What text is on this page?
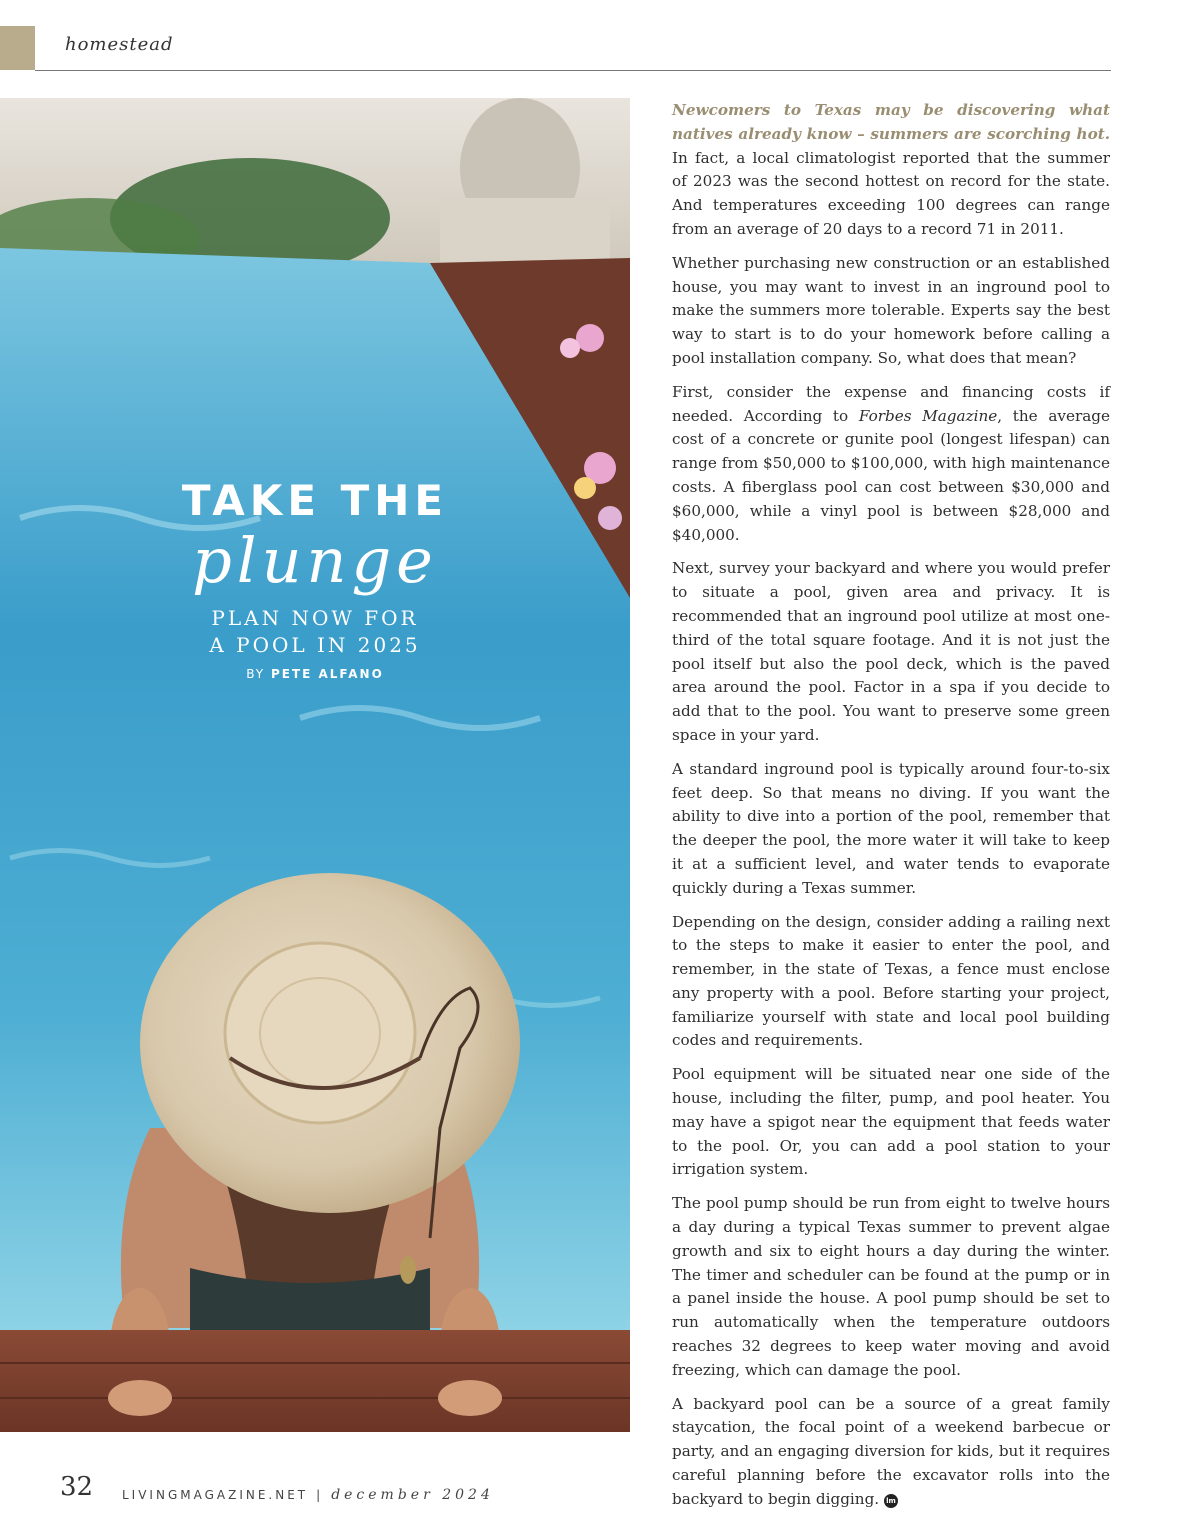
homestead
TAKE THE
plunge
PLAN NOW FOR
A POOL IN 2025
BY PETE ALFANO

Newcomers to Texas may be discovering what natives already know – summers are scorching hot. In fact, a local climatologist reported that the summer of 2023 was the second hottest on record for the state. And temperatures exceeding 100 degrees can range from an average of 20 days to a record 71 in 2011.

Whether purchasing new construction or an established house, you may want to invest in an inground pool to make the summers more tolerable. Experts say the best way to start is to do your homework before calling a pool installation company. So, what does that mean?

First, consider the expense and financing costs if needed. According to Forbes Magazine, the average cost of a concrete or gunite pool (longest lifespan) can range from $50,000 to $100,000, with high maintenance costs. A fiberglass pool can cost between $30,000 and $60,000, while a vinyl pool is between $28,000 and $40,000.

Next, survey your backyard and where you would prefer to situate a pool, given area and privacy. It is recommended that an inground pool utilize at most one-third of the total square footage. And it is not just the pool itself but also the pool deck, which is the paved area around the pool. Factor in a spa if you decide to add that to the pool. You want to preserve some green space in your yard.

A standard inground pool is typically around four-to-six feet deep. So that means no diving. If you want the ability to dive into a portion of the pool, remember that the deeper the pool, the more water it will take to keep it at a sufficient level, and water tends to evaporate quickly during a Texas summer.

Depending on the design, consider adding a railing next to the steps to make it easier to enter the pool, and remember, in the state of Texas, a fence must enclose any property with a pool. Before starting your project, familiarize yourself with state and local pool building codes and requirements.

Pool equipment will be situated near one side of the house, including the filter, pump, and pool heater. You may have a spigot near the equipment that feeds water to the pool. Or, you can add a pool station to your irrigation system.

The pool pump should be run from eight to twelve hours a day during a typical Texas summer to prevent algae growth and six to eight hours a day during the winter. The timer and scheduler can be found at the pump or in a panel inside the house. A pool pump should be set to run automatically when the temperature outdoors reaches 32 degrees to keep water moving and avoid freezing, which can damage the pool.

A backyard pool can be a source of a great family staycation, the focal point of a weekend barbecue or party, and an engaging diversion for kids, but it requires careful planning before the excavator rolls into the backyard to begin digging. lm

32 LIVINGMAGAZINE.NET | december 2024
